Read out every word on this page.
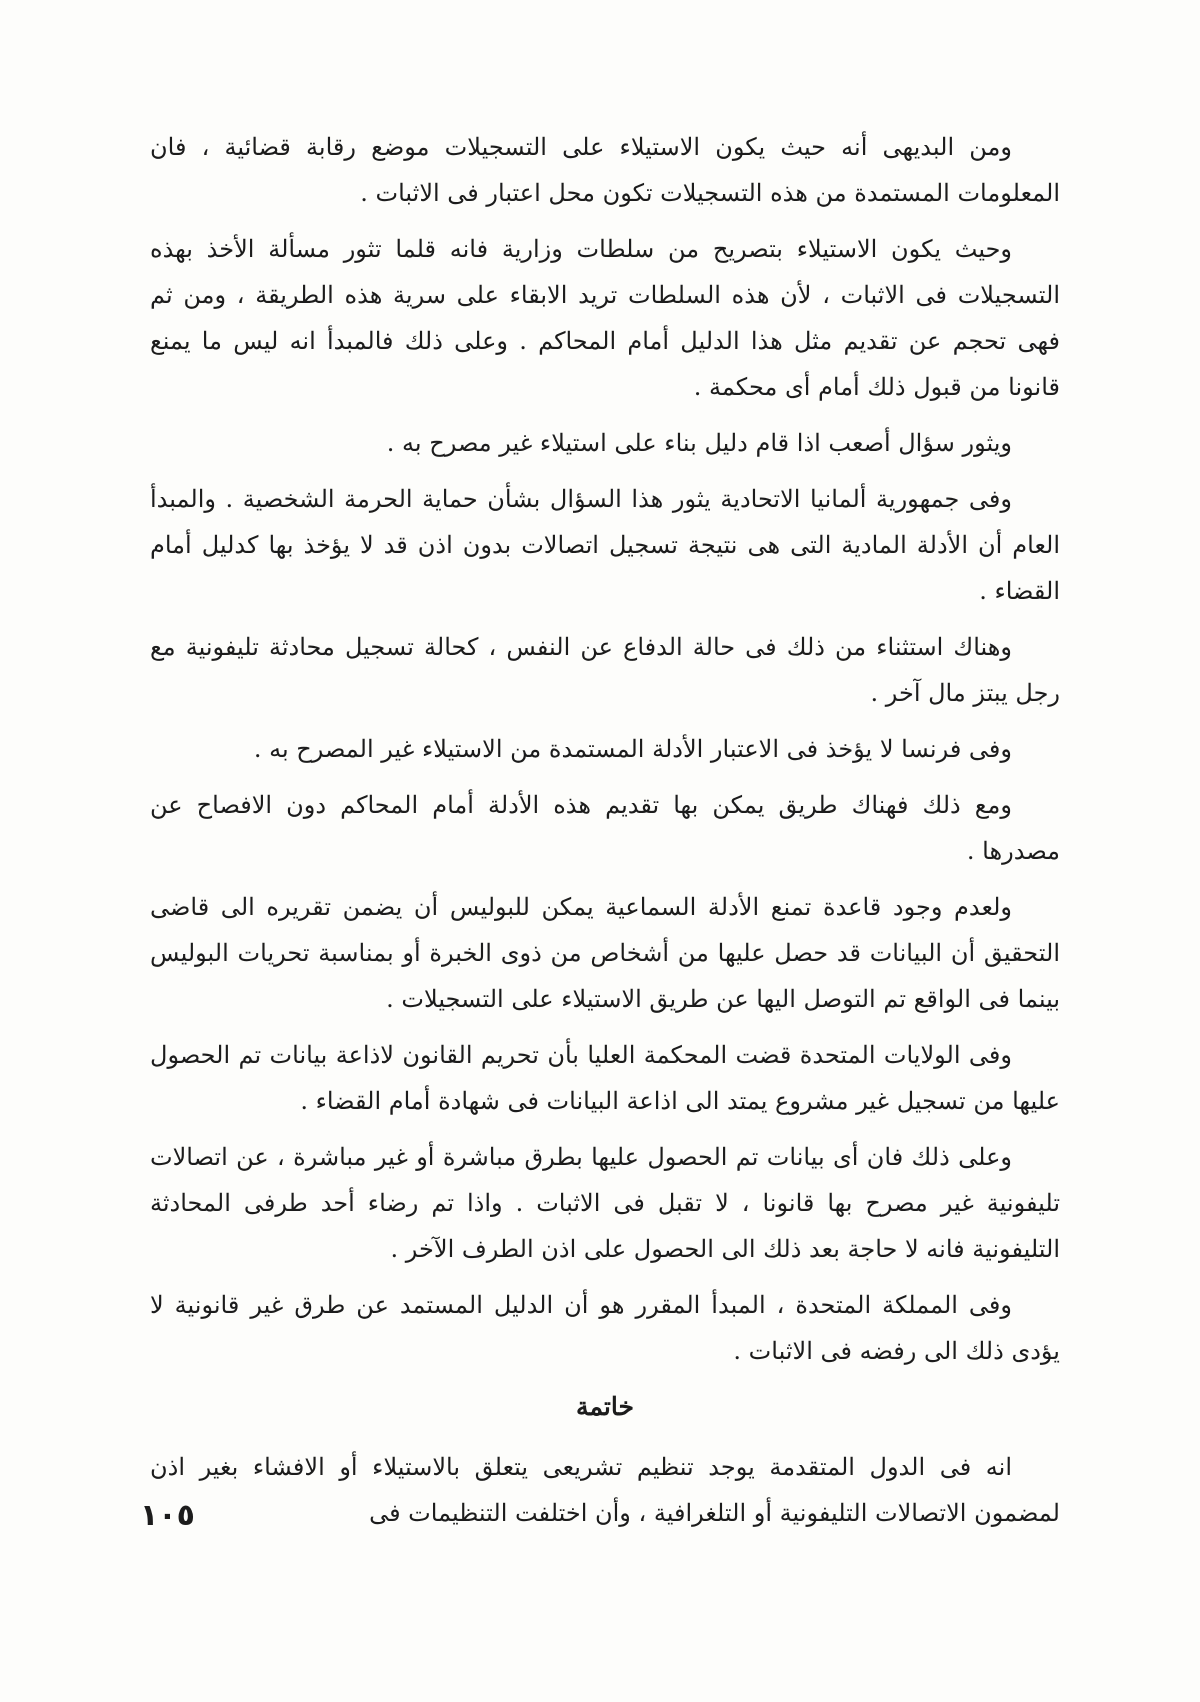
ومن البديهى أنه حيث يكون الاستيلاء على التسجيلات موضع رقابة قضائية ، فان المعلومات المستمدة من هذه التسجيلات تكون محل اعتبار فى الاثبات .

وحيث يكون الاستيلاء بتصريح من سلطات وزارية فانه قلما تثور مسألة الأخذ بهذه التسجيلات فى الاثبات ، لأن هذه السلطات تريد الابقاء على سرية هذه الطريقة ، ومن ثم فهى تحجم عن تقديم مثل هذا الدليل أمام المحاكم . وعلى ذلك فالمبدأ انه ليس ما يمنع قانونا من قبول ذلك أمام أى محكمة .

ويثور سؤال أصعب اذا قام دليل بناء على استيلاء غير مصرح به .

وفى جمهورية ألمانيا الاتحادية يثور هذا السؤال بشأن حماية الحرمة الشخصية . والمبدأ العام أن الأدلة المادية التى هى نتيجة تسجيل اتصالات بدون اذن قد لا يؤخذ بها كدليل أمام القضاء .

وهناك استثناء من ذلك فى حالة الدفاع عن النفس ، كحالة تسجيل محادثة تليفونية مع رجل يبتز مال آخر .

وفى فرنسا لا يؤخذ فى الاعتبار الأدلة المستمدة من الاستيلاء غير المصرح به .

ومع ذلك فهناك طريق يمكن بها تقديم هذه الأدلة أمام المحاكم دون الافصاح عن مصدرها .

ولعدم وجود قاعدة تمنع الأدلة السماعية يمكن للبوليس أن يضمن تقريره الى قاضى التحقيق أن البيانات قد حصل عليها من أشخاص من ذوى الخبرة أو بمناسبة تحريات البوليس بينما فى الواقع تم التوصل اليها عن طريق الاستيلاء على التسجيلات .

وفى الولايات المتحدة قضت المحكمة العليا بأن تحريم القانون لاذاعة بيانات تم الحصول عليها من تسجيل غير مشروع يمتد الى اذاعة البيانات فى شهادة أمام القضاء .

وعلى ذلك فان أى بيانات تم الحصول عليها بطرق مباشرة أو غير مباشرة ، عن اتصالات تليفونية غير مصرح بها قانونا ، لا تقبل فى الاثبات . واذا تم رضاء أحد طرفى المحادثة التليفونية فانه لا حاجة بعد ذلك الى الحصول على اذن الطرف الآخر .

وفى المملكة المتحدة ، المبدأ المقرر هو أن الدليل المستمد عن طرق غير قانونية لا يؤدى ذلك الى رفضه فى الاثبات .

خاتمة

انه فى الدول المتقدمة يوجد تنظيم تشريعى يتعلق بالاستيلاء أو الافشاء بغير اذن لمضمون الاتصالات التليفونية أو التلغرافية ، وأن اختلفت التنظيمات فى

١٠٥
